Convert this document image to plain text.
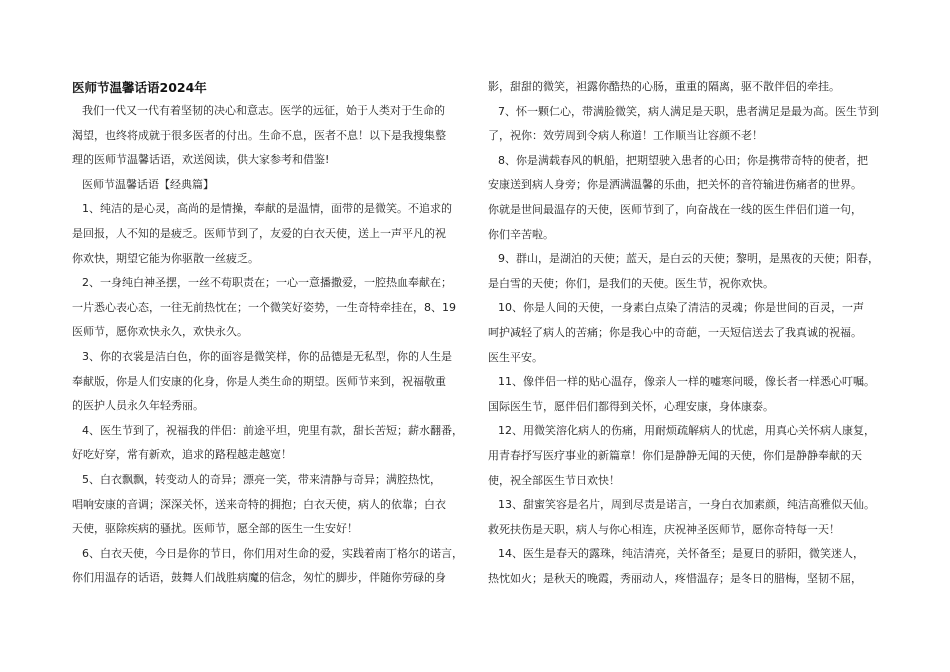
医师节温馨话语2024年
我们一代又一代有着坚韧的决心和意志。医学的远征，始于人类对于生命的
渴望，也终将成就于很多医者的付出。生命不息，医者不息！以下是我搜集整
理的医师节温馨话语，欢送阅读，供大家参考和借鉴!
医师节温馨话语【经典篇】
1、纯洁的是心灵，高尚的是情操，奉献的是温情，面带的是微笑。不追求的
是回报，人不知的是疲乏。医师节到了，友爱的白衣天使，送上一声平凡的祝
你欢快，期望它能为你驱散一丝疲乏。
2、一身纯白神圣摆，一丝不苟职责在；一心一意播撒爱，一腔热血奉献在；
一片悉心表心态，一往无前热忱在；一个微笑好姿势，一生奇特牵挂在，8、19
医师节，愿你欢快永久，欢快永久。
3、你的衣裳是洁白色，你的面容是微笑样，你的品德是无私型，你的人生是
奉献版，你是人们安康的化身，你是人类生命的期望。医师节来到，祝福敬重
的医护人员永久年轻秀丽。
4、医生节到了，祝福我的伴侣：前途平坦，兜里有款，甜长苦短；薪水翻番，
好吃好穿，常有新欢，追求的路程越走越宽！
5、白衣飘飘，转变动人的奇异；漂亮一笑，带来清静与奇异；满腔热忱，
唱响安康的音调；深深关怀，送来奇特的拥抱；白衣天使，病人的依靠；白衣
天使，驱除疾病的骚扰。医师节，愿全部的医生一生安好！
6、白衣天使，今日是你的节日，你们用对生命的爱，实践着南丁格尔的诺言，
你们用温存的话语，鼓舞人们战胜病魔的信念，匆忙的脚步，伴随你劳碌的身
影，甜甜的微笑，袒露你酷热的心肠，重重的隔离，驱不散伴侣的牵挂。
7、怀一颗仁心，带满脸微笑，病人满足是天职，患者满足是最为高。医生节到
了，祝你：效劳周到令病人称道！工作顺当让容颜不老！
8、你是满载春风的帆船，把期望驶入患者的心田；你是携带奇特的使者，把
安康送到病人身旁；你是洒满温馨的乐曲，把关怀的音符输进伤痛者的世界。
你就是世间最温存的天使，医师节到了，向奋战在一线的医生伴侣们道一句，
你们辛苦啦。
9、群山，是湖泊的天使；蓝天，是白云的天使；黎明，是黑夜的天使；阳春，
是白雪的天使；你们，是我们的天使。医生节，祝你欢快。
10、你是人间的天使，一身素白点染了清洁的灵魂；你是世间的百灵，一声
呵护减轻了病人的苦痛；你是我心中的奇葩，一天短信送去了我真诚的祝福。
医生平安。
11、像伴侣一样的贴心温存，像亲人一样的嘘寒问暖，像长者一样悉心叮嘱。
国际医生节，愿伴侣们都得到关怀，心理安康，身体康泰。
12、用微笑溶化病人的伤痛，用耐烦疏解病人的忧虑，用真心关怀病人康复，
用青春抒写医疗事业的新篇章！你们是静静无闻的天使，你们是静静奉献的天
使，祝全部医生节日欢快！
13、甜蜜笑容是名片，周到尽责是诺言，一身白衣加素颜，纯洁高雅似天仙。
救死扶伤是天职，病人与你心相连，庆祝神圣医师节，愿你奇特每一天！
14、医生是春天的露珠，纯洁清亮，关怀备至；是夏日的骄阳，微笑迷人，
热忱如火；是秋天的晚霞，秀丽动人，疼惜温存；是冬日的腊梅，坚韧不屈，
